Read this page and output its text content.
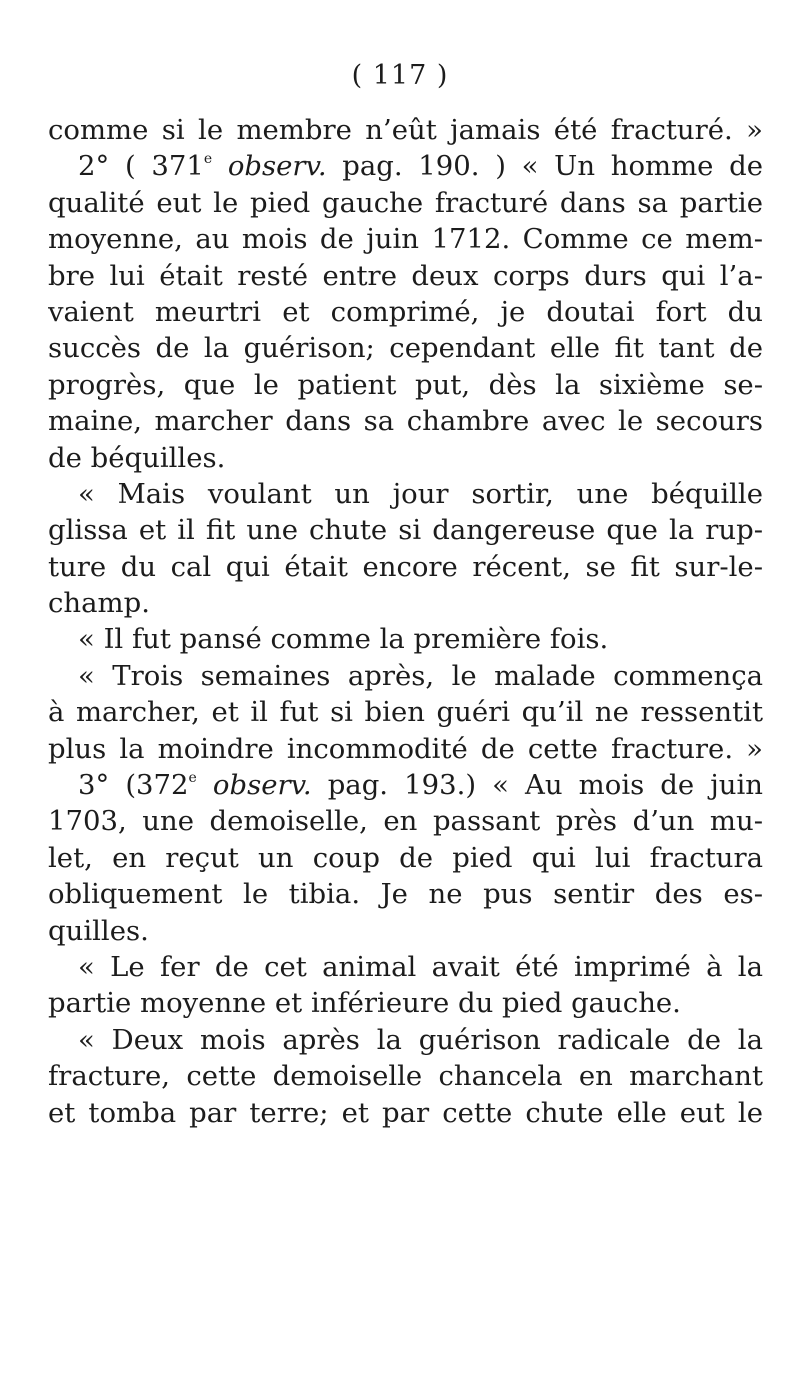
( 117 )
comme si le membre n’eût jamais été fracturé. »
2° ( 371e observ. pag. 190. ) « Un homme de
qualité eut le pied gauche fracturé dans sa partie
moyenne, au mois de juin 1712. Comme ce mem-
bre lui était resté entre deux corps durs qui l’a-
vaient meurtri et comprimé, je doutai fort du
succès de la guérison; cependant elle fit tant de
progrès, que le patient put, dès la sixième se-
maine, marcher dans sa chambre avec le secours
de béquilles.
« Mais voulant un jour sortir, une béquille
glissa et il fit une chute si dangereuse que la rup-
ture du cal qui était encore récent, se fit sur-le-
champ.
« Il fut pansé comme la première fois.
« Trois semaines après, le malade commença
à marcher, et il fut si bien guéri qu’il ne ressentit
plus la moindre incommodité de cette fracture. »
3° (372e observ. pag. 193.) « Au mois de juin
1703, une demoiselle, en passant près d’un mu-
let, en reçut un coup de pied qui lui fractura
obliquement le tibia. Je ne pus sentir des es-
quilles.
« Le fer de cet animal avait été imprimé à la
partie moyenne et inférieure du pied gauche.
« Deux mois après la guérison radicale de la
fracture, cette demoiselle chancela en marchant
et tomba par terre; et par cette chute elle eut le
